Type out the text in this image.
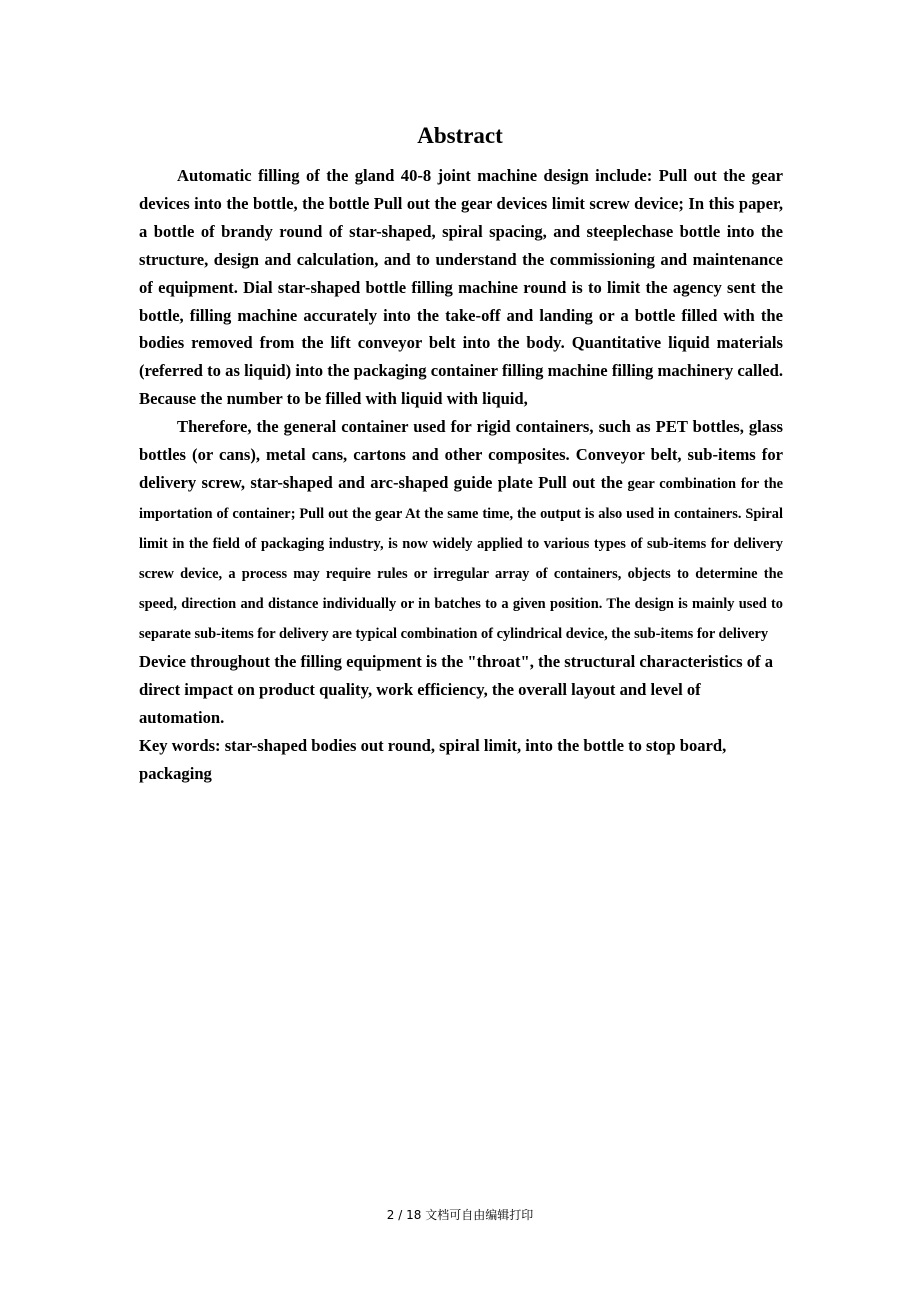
Abstract

Automatic filling of the gland 40-8 joint machine design include: Pull out the gear devices into the bottle, the bottle Pull out the gear devices limit screw device; In this paper, a bottle of brandy round of star-shaped, spiral spacing, and steeplechase bottle into the structure, design and calculation, and to understand the commissioning and maintenance of equipment. Dial star-shaped bottle filling machine round is to limit the agency sent the bottle, filling machine accurately into the take-off and landing or a bottle filled with the bodies removed from the lift conveyor belt into the body. Quantitative liquid materials (referred to as liquid) into the packaging container filling machine filling machinery called. Because the number to be filled with liquid with liquid,

Therefore, the general container used for rigid containers, such as PET bottles, glass bottles (or cans), metal cans, cartons and other composites. Conveyor belt, sub-items for delivery screw, star-shaped and arc-shaped guide plate Pull out the gear combination for the importation of container; Pull out the gear At the same time, the output is also used in containers. Spiral limit in the field of packaging industry, is now widely applied to various types of sub-items for delivery screw device, a process may require rules or irregular array of containers, objects to determine the speed, direction and distance individually or in batches to a given position. The design is mainly used to separate sub-items for delivery are typical combination of cylindrical device, the sub-items for delivery

Device throughout the filling equipment is the "throat", the structural characteristics of a direct impact on product quality, work efficiency, the overall layout and level of automation.

Key words: star-shaped bodies out round, spiral limit, into the bottle to stop board, packaging

2 / 18 文档可自由编辑打印
